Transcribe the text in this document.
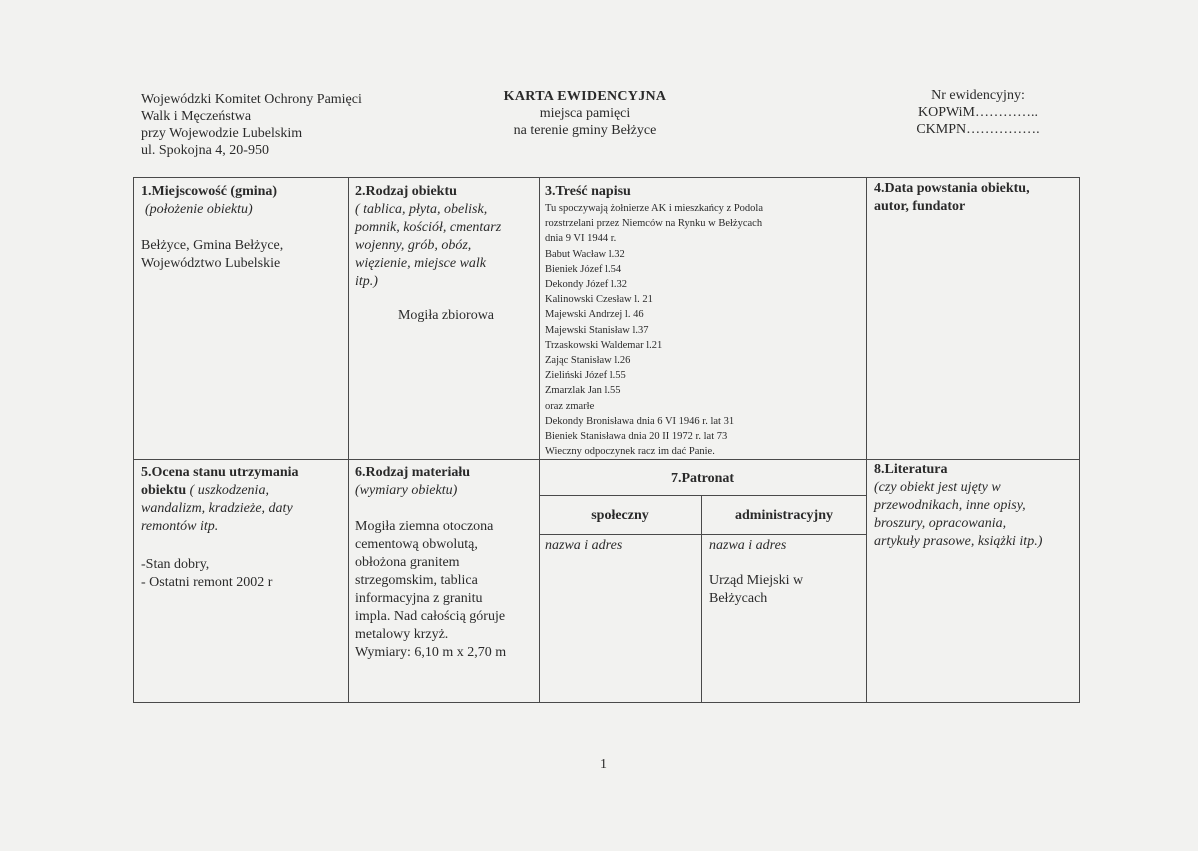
Wojewódzki Komitet Ochrony Pamięci
Walk i Męczeństwa
przy Wojewodzie Lubelskim
ul. Spokojna 4, 20-950
KARTA EWIDENCYJNA
miejsca pamięci
na terenie gminy Bełżyce
Nr ewidencyjny:
KOPWiM…………..
CKMPN…………….
1.Miejscowość (gmina)
(położenie obiektu)
Bełżyce, Gmina Bełżyce,
Województwo Lubelskie
2.Rodzaj obiektu
( tablica, płyta, obelisk,
pomnik, kościół, cmentarz
wojenny, grób, obóz,
więzienie, miejsce walk
itp.)
Mogiła zbiorowa
3.Treść napisu
Tu spoczywają żołnierze AK i mieszkańcy z Podola
rozstrzelani przez Niemców na Rynku w Bełżycach
dnia 9 VI 1944 r.
Babut Wacław l.32
Bieniek Józef l.54
Dekondy Józef l.32
Kalinowski Czesław l. 21
Majewski Andrzej l. 46
Majewski Stanisław l.37
Trzaskowski Waldemar l.21
Zając Stanisław l.26
Zieliński Józef l.55
Zmarzlak Jan l.55
oraz zmarłe
Dekondy Bronisława dnia 6 VI 1946 r. lat 31
Bieniek Stanisława dnia 20 II 1972 r. lat 73
Wieczny odpoczynek racz im dać Panie.
4.Data powstania obiektu,
autor, fundator
5.Ocena stanu utrzymania
obiektu ( uszkodzenia,
wandalizm, kradzieże, daty
remontów itp.
-Stan dobry,
- Ostatni remont 2002 r
6.Rodzaj materiału
(wymiary obiektu)
Mogiła ziemna otoczona
cementową obwolutą,
obłożona granitem
strzegomskim, tablica
informacyjna z granitu
impla. Nad całością góruje
metalowy krzyż.
Wymiary: 6,10 m x 2,70 m
7.Patronat
społeczny	administracyjny
nazwa i adres	nazwa i adres
Urząd Miejski w
Bełżycach
8.Literatura
(czy obiekt jest ujęty w
przewodnikach, inne opisy,
broszury, opracowania,
artykuły prasowe, książki itp.)
1
